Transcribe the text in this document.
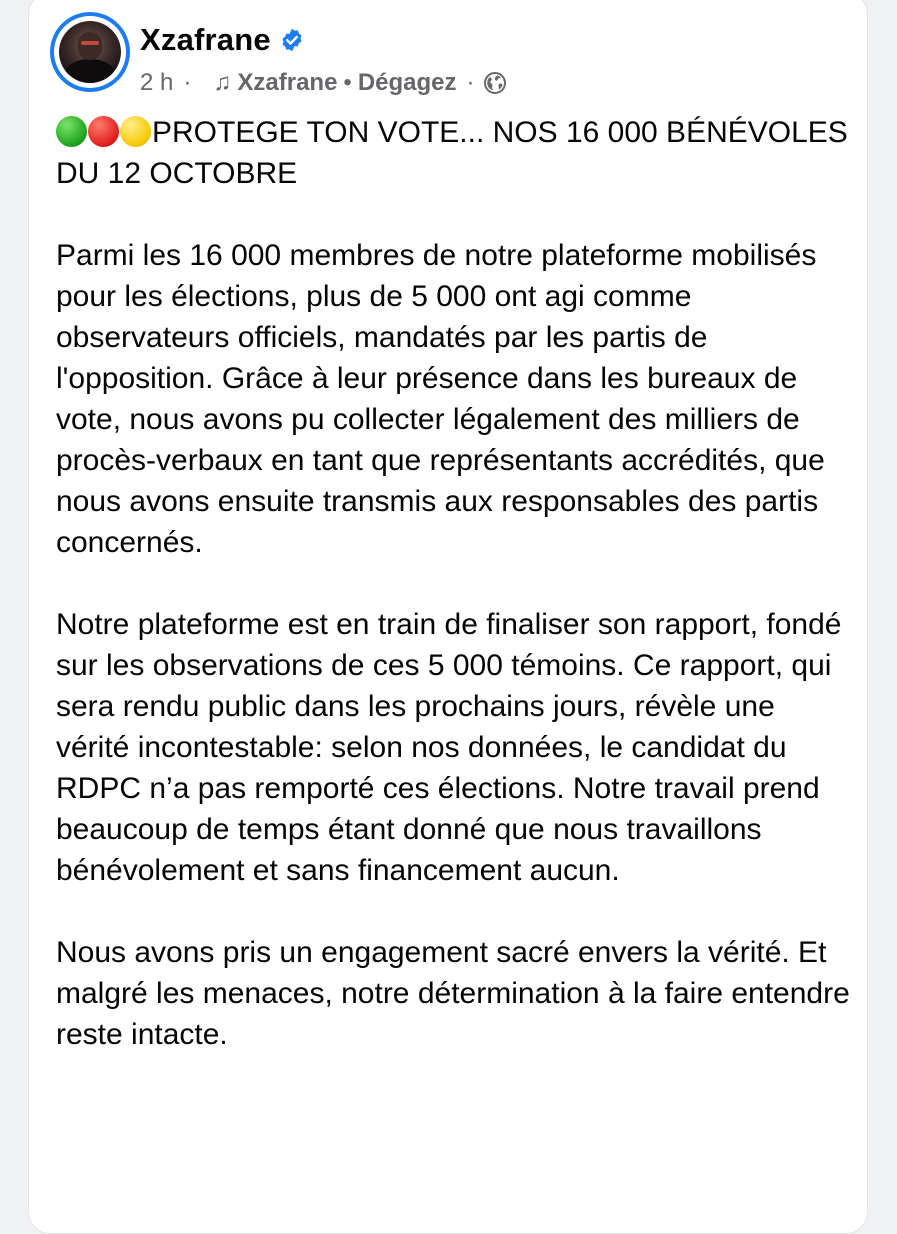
Xzafrane
2 h · ♫ Xzafrane • Dégagez ·

PROTEGE TON VOTE... NOS 16 000 BÉNÉVOLES DU 12 OCTOBRE

Parmi les 16 000 membres de notre plateforme mobilisés pour les élections, plus de 5 000 ont agi comme observateurs officiels, mandatés par les partis de l'opposition. Grâce à leur présence dans les bureaux de vote, nous avons pu collecter légalement des milliers de procès-verbaux en tant que représentants accrédités, que nous avons ensuite transmis aux responsables des partis concernés.

Notre plateforme est en train de finaliser son rapport, fondé sur les observations de ces 5 000 témoins. Ce rapport, qui sera rendu public dans les prochains jours, révèle une vérité incontestable: selon nos données, le candidat du RDPC n’a pas remporté ces élections. Notre travail prend beaucoup de temps étant donné que nous travaillons bénévolement et sans financement aucun.

Nous avons pris un engagement sacré envers la vérité. Et malgré les menaces, notre détermination à la faire entendre reste intacte.
